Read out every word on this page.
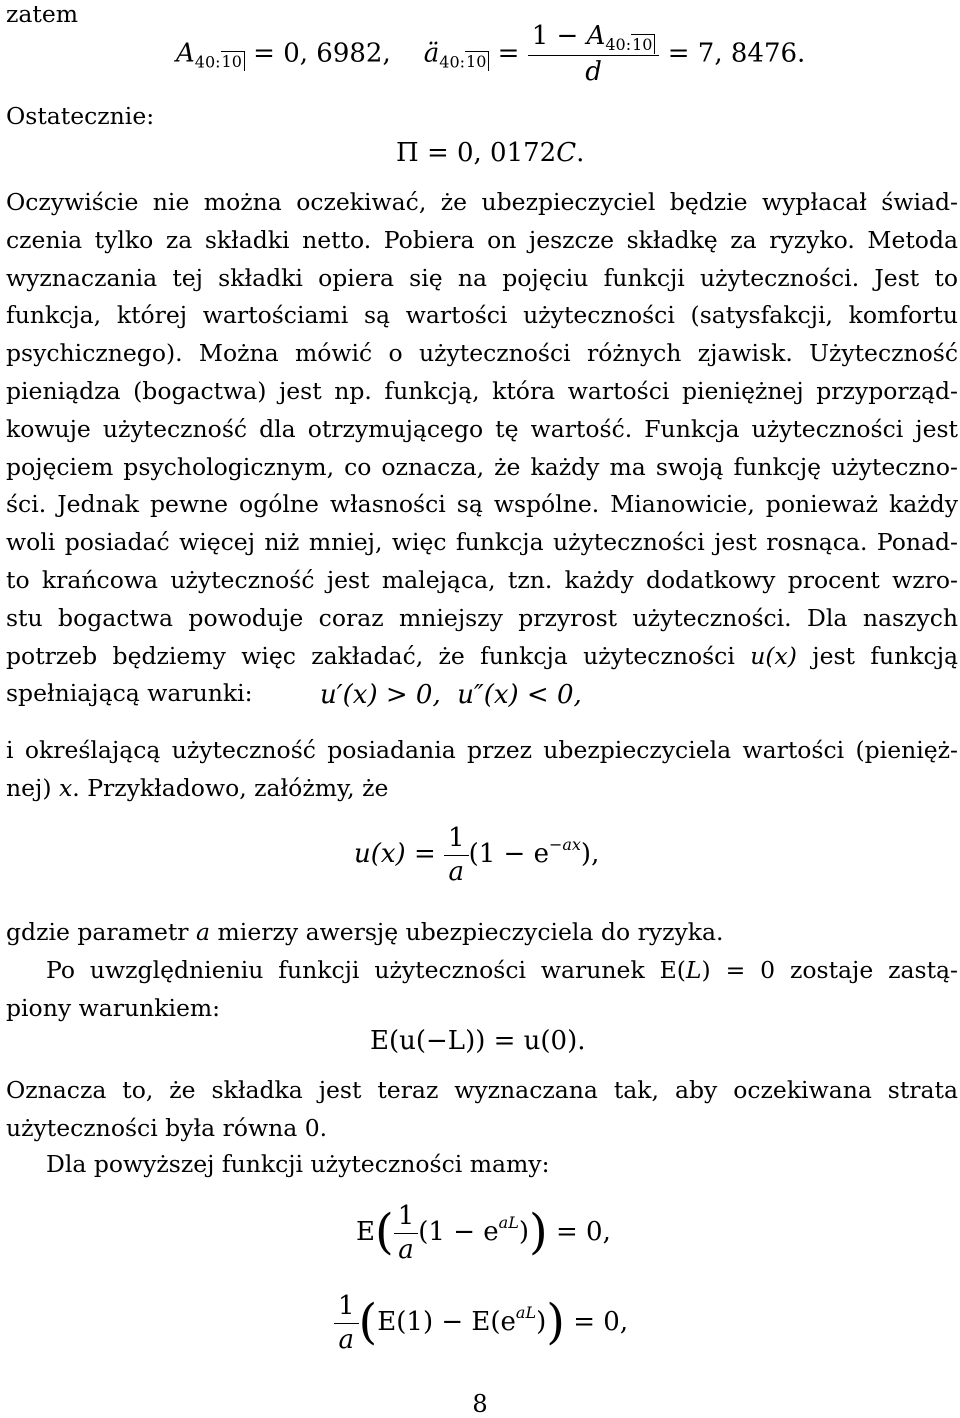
zatem
Ostatecznie:
$A_{40:10} = 0$, 6982, $ä_{40:10} = \frac{1 - A_{40:10}}{d} = 7$, 8476.
Π = 0, 0172C.
Oczywiście nie można oczekiwać, że ubezpieczyciel będzie wypłacał świad-
czenia tylko za składki netto. Pobiera on jeszcze składkę za ryzyko. Metoda
wyznaczania tej składki opiera się na pojęciu funkcji użyteczności. Jest to
funkcja, której wartościami są wartości użyteczności (satysfakcji, komfortu
psychicznego). Można mówić o użyteczności różnych zjawisk. Użyteczność
pieniądza (bogactwa) jest np. funkcją, która wartości pieniężnej przyporząd-
kowuje użyteczność dla otrzymującego tę wartość. Funkcja użyteczności jest
pojęciem psychologicznym, co oznacza, że każdy ma swoją funkcję użyteczno-
ści. Jednak pewne ogólne własności są wspólne. Mianowicie, ponieważ każdy
woli posiadać więcej niż mniej, więc funkcja użyteczności jest rosnąca. Ponad-
to krańcowa użyteczność jest malejąca, tzn. każdy dodatkowy procent wzro-
stu bogactwa powoduje coraz mniejszy przyrost użyteczności. Dla naszych
potrzeb będziemy więc zakładać, że funkcja użyteczności u(x) jest funkcją
spełniającą warunki:	u′(x) > 0,  u″(x) < 0,
i określającą użyteczność posiadania przez ubezpieczyciela wartości (pienięż-
nej) x. Przykładowo, załóżmy, że
$u(x) = \frac{1}{a} (1 - e^{-ax})$,
gdzie parametr a mierzy awersję ubezpieczyciela do ryzyka.
Po uwzględnieniu funkcji użyteczności warunek E(L) = 0 zostaje zastą-
piony warunkiem:
E(u(−L)) = u(0).
Oznacza to, że składka jest teraz wyznaczana tak, aby oczekiwana strata
użyteczności była równa 0.
Dla powyższej funkcji użyteczności mamy:
$E( \frac{1}{a} (1 - e^{aL})) = 0$,
$\frac{1}{a} (E(1) - E(e^{aL})) = 0$,
8
